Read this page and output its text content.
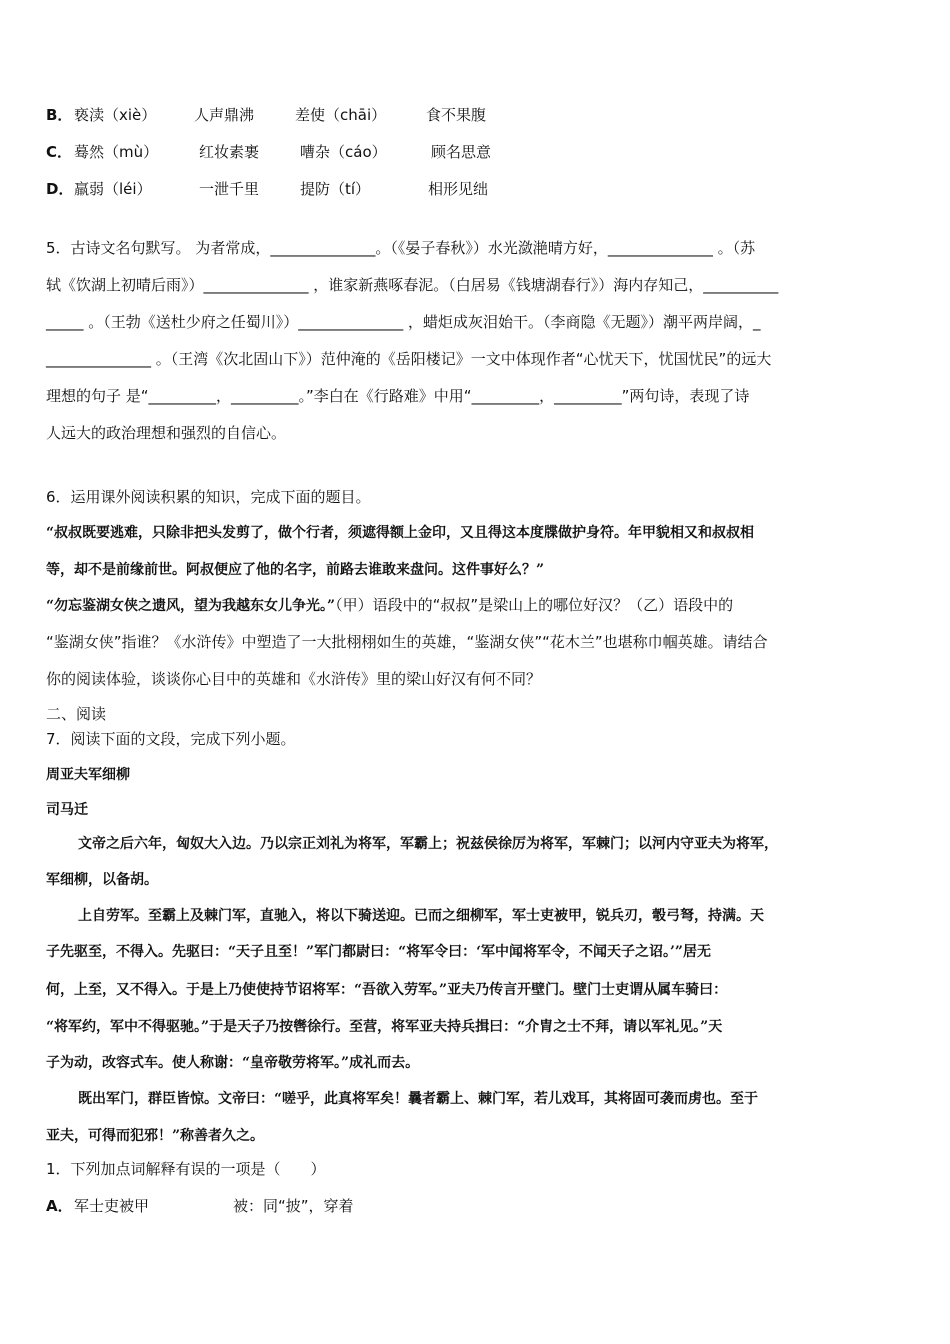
B． 亵渎（xiè）	人声鼎沸	差使（chāi）	食不果腹
C． 蓦然（mù）	红妆素裹	嘈杂（cáo）	顾名思意
D． 羸弱（léi）	一泄千里	提防（tí）	相形见绌
5．古诗文名句默写。 为者常成，______________。（《晏子春秋》）水光潋滟晴方好，______________ 。（苏
轼《饮湖上初晴后雨》）______________ ，谁家新燕啄春泥。（白居易《钱塘湖春行》）海内存知己，__________
_____ 。（王勃《送杜少府之任蜀川》）______________ ，蜡炬成灰泪始干。（李商隐《无题》）潮平两岸阔，_
______________ 。（王湾《次北固山下》）范仲淹的《岳阳楼记》一文中体现作者“心忧天下，忧国忧民”的远大
理想的句子 是“_________，_________。”李白在《行路难》中用“_________，_________”两句诗，表现了诗
人远大的政治理想和强烈的自信心。
6．运用课外阅读积累的知识，完成下面的题目。
“叔叔既要逃难，只除非把头发剪了，做个行者，须遮得额上金印，又且得这本度牒做护身符。年甲貌相又和叔叔相
等，却不是前缘前世。阿叔便应了他的名字，前路去谁敢来盘问。这件事好么？”
“勿忘鉴湖女侠之遗风，望为我越东女儿争光。”（甲）语段中的“叔叔”是梁山上的哪位好汉？（乙）语段中的
“鉴湖女侠”指谁？《水浒传》中塑造了一大批栩栩如生的英雄，“鉴湖女侠”“花木兰”也堪称巾帼英雄。请结合
你的阅读体验，谈谈你心目中的英雄和《水浒传》里的梁山好汉有何不同？
二、阅读
7．阅读下面的文段，完成下列小题。
周亚夫军细柳
司马迁
文帝之后六年，匈奴大入边。乃以宗正刘礼为将军，军霸上；祝兹侯徐厉为将军，军棘门；以河内守亚夫为将军，
军细柳，以备胡。
上自劳军。至霸上及棘门军，直驰入，将以下骑送迎。已而之细柳军，军士吏被甲，锐兵刃，彀弓弩，持满。天
子先驱至，不得入。先驱曰：“天子且至！”军门都尉曰：“将军令曰：‘军中闻将军令，不闻天子之诏。’”居无
何，上至，又不得入。于是上乃使使持节诏将军：“吾欲入劳军。”亚夫乃传言开壁门。壁门士吏谓从属车骑曰：
“将军约，军中不得驱驰。”于是天子乃按辔徐行。至营，将军亚夫持兵揖曰：“介胄之士不拜，请以军礼见。”天
子为动，改容式车。使人称谢：“皇帝敬劳将军。”成礼而去。
既出军门，群臣皆惊。文帝曰：“嗟乎，此真将军矣！曩者霸上、棘门军，若儿戏耳，其将固可袭而虏也。至于
亚夫，可得而犯邪！”称善者久之。
1．下列加点词解释有误的一项是（　　）
A． 军士吏被甲	被：同“披”，穿着
